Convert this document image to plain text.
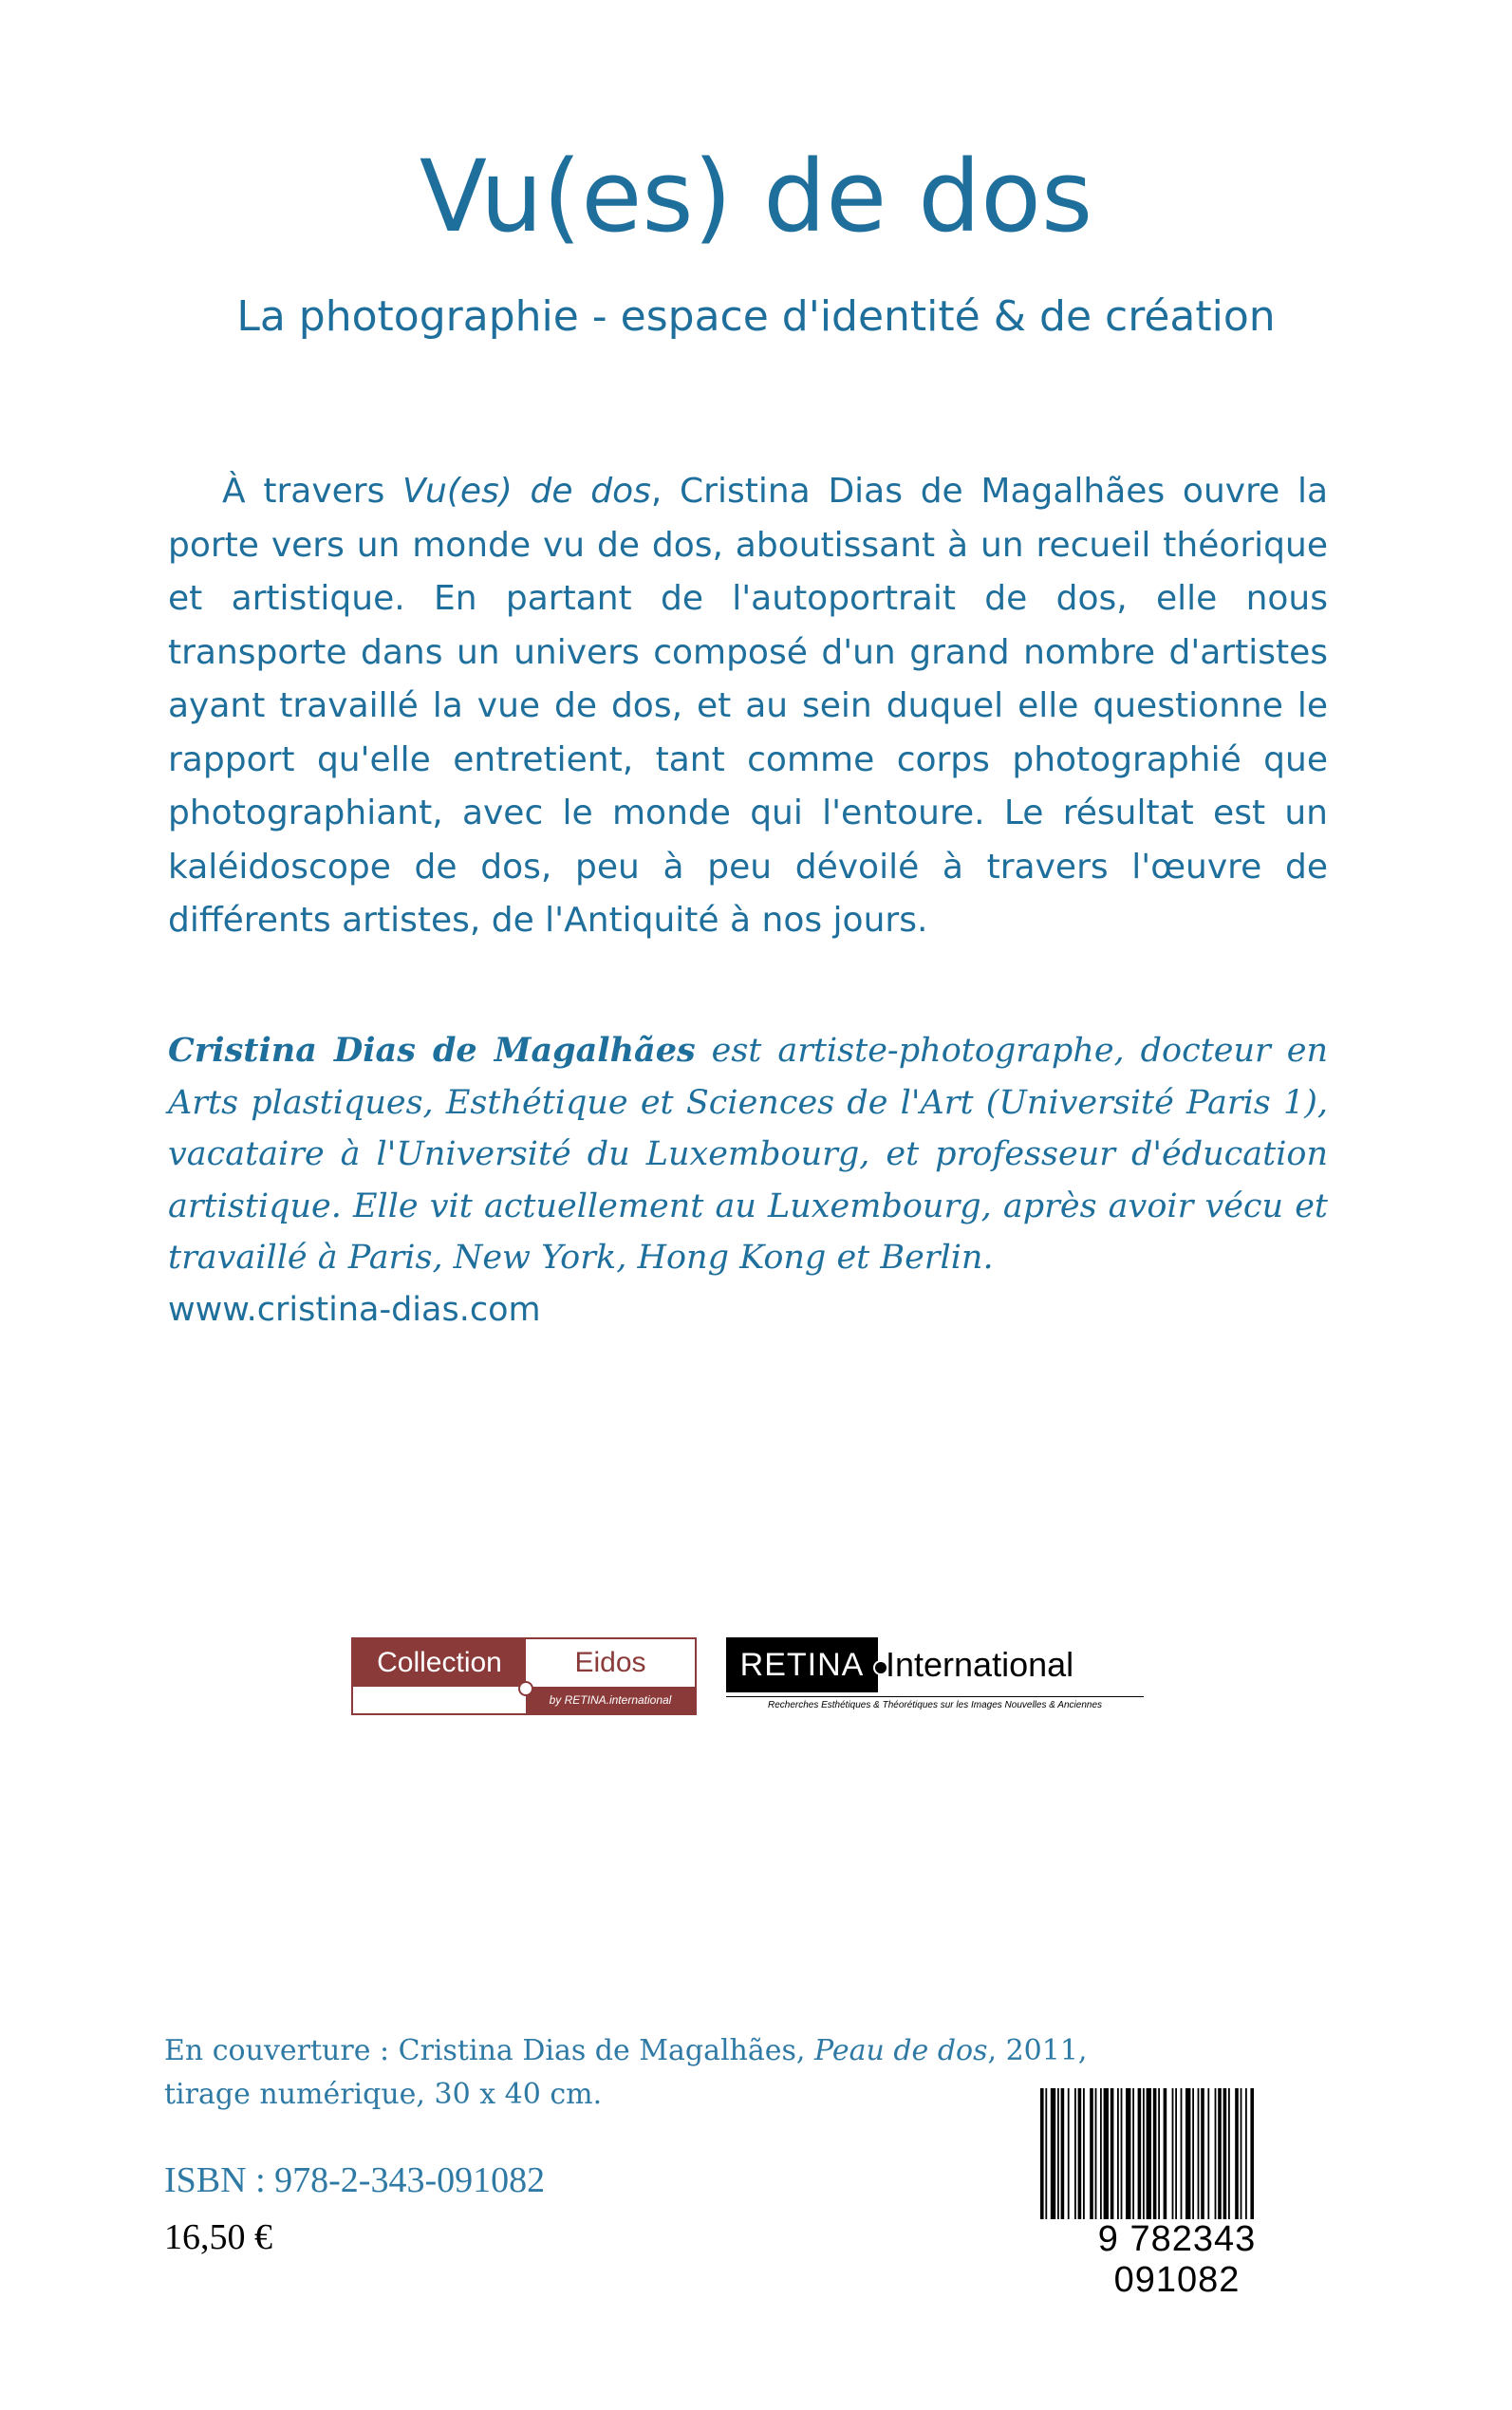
Vu(es) de dos

La photographie - espace d'identité & de création

À travers Vu(es) de dos, Cristina Dias de Magalhães ouvre la porte vers un monde vu de dos, aboutissant à un recueil théorique et artistique. En partant de l'autoportrait de dos, elle nous transporte dans un univers composé d'un grand nombre d'artistes ayant travaillé la vue de dos, et au sein duquel elle questionne le rapport qu'elle entretient, tant comme corps photographié que photographiant, avec le monde qui l'entoure. Le résultat est un kaléidoscope de dos, peu à peu dévoilé à travers l'œuvre de différents artistes, de l'Antiquité à nos jours.

Cristina Dias de Magalhães est artiste-photographe, docteur en Arts plastiques, Esthétique et Sciences de l'Art (Université Paris 1), vacataire à l'Université du Luxembourg, et professeur d'éducation artistique. Elle vit actuellement au Luxembourg, après avoir vécu et travaillé à Paris, New York, Hong Kong et Berlin.
www.cristina-dias.com

Collection	Eidos
by RETINA.international
RETINA International
Recherches Esthétiques & Théorétiques sur les Images Nouvelles & Anciennes

En couverture : Cristina Dias de Magalhães, Peau de dos, 2011,
tirage numérique, 30 x 40 cm.

ISBN : 978-2-343-091082

16,50 €	9 782343 091082
